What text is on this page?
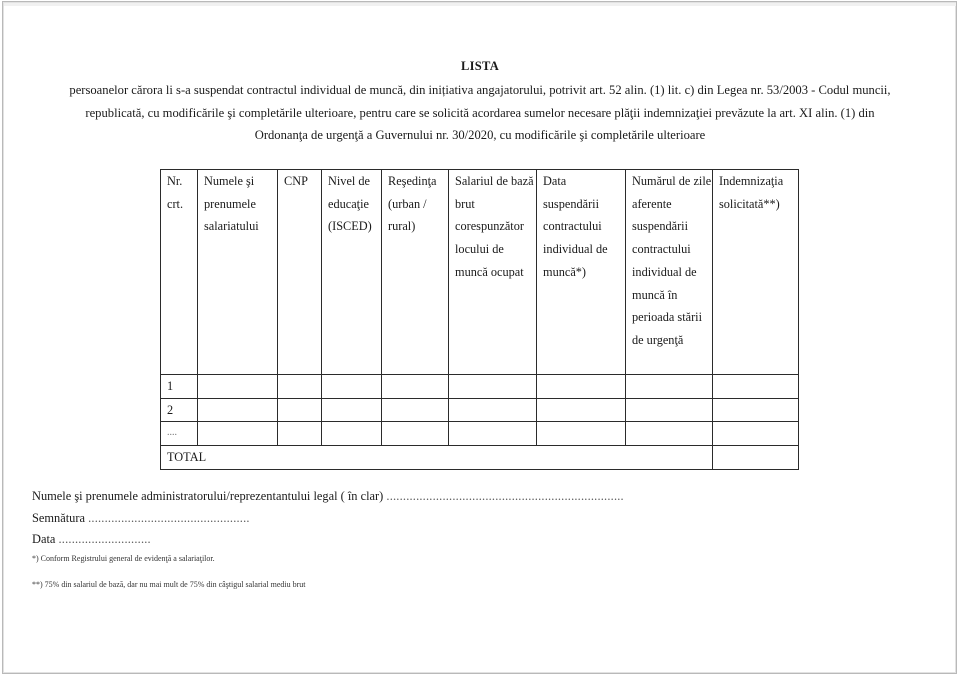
LISTA
persoanelor cărora li s-a suspendat contractul individual de muncă, din inițiativa angajatorului, potrivit art. 52 alin. (1) lit. c) din Legea nr. 53/2003 - Codul muncii,
republicată, cu modificările şi completările ulterioare, pentru care se solicită acordarea sumelor necesare plăţii indemnizaţiei prevăzute la art. XI alin. (1) din
Ordonanţa de urgenţă a Guvernului nr. 30/2020, cu modificările şi completările ulterioare
Nr. crt.	Numele şi prenumele salariatului	CNP	Nivel de educaţie (ISCED)	Reşedinţa (urban / rural)	Salariul de bază brut corespunzător locului de muncă ocupat	Data suspendării contractului individual de muncă*)	Numărul de zile aferente suspendării contractului individual de muncă în perioada stării de urgenţă	Indemnizaţia solicitată**)
1								
2								
....								
TOTAL								
Numele şi prenumele administratorului/reprezentantului legal ( în clar) ........................................................................
Semnătura .................................................
Data ............................
*) Conform Registrului general de evidenţă a salariaţilor.
**) 75% din salariul de bază, dar nu mai mult de 75% din câştigul salarial mediu brut
